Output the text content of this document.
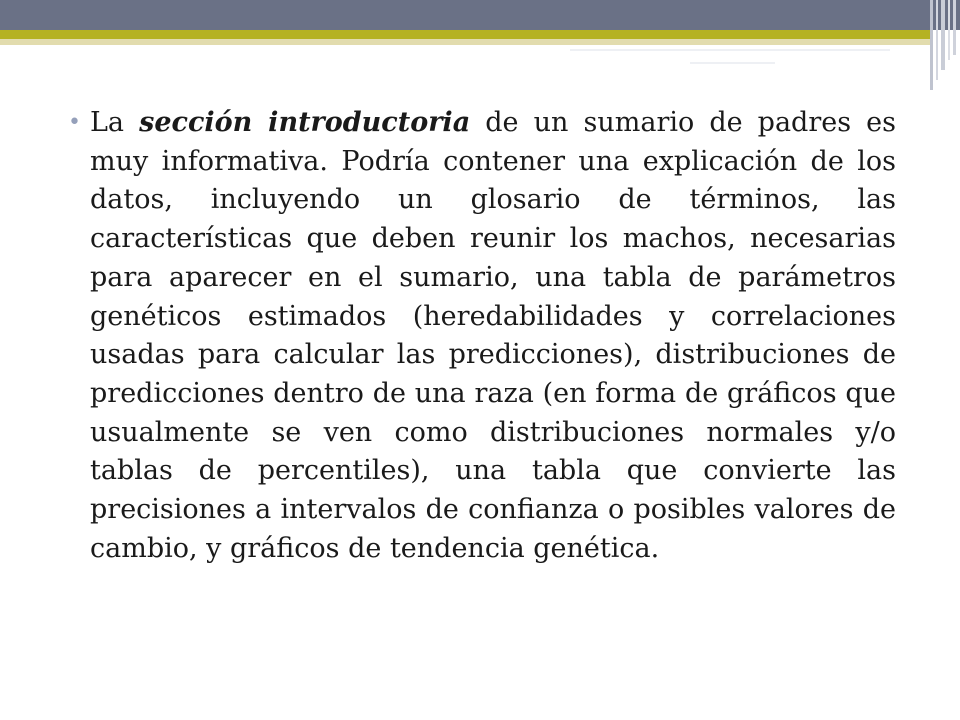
• La sección introductoria de un sumario de padres es muy informativa. Podría contener una explicación de los datos, incluyendo un glosario de términos, las características que deben reunir los machos, necesarias para aparecer en el sumario, una tabla de parámetros genéticos estimados (heredabilidades y correlaciones usadas para calcular las predicciones), distribuciones de predicciones dentro de una raza (en forma de gráficos que usualmente se ven como distribuciones normales y/o tablas de percentiles), una tabla que convierte las precisiones a intervalos de confianza o posibles valores de cambio, y gráficos de tendencia genética.
